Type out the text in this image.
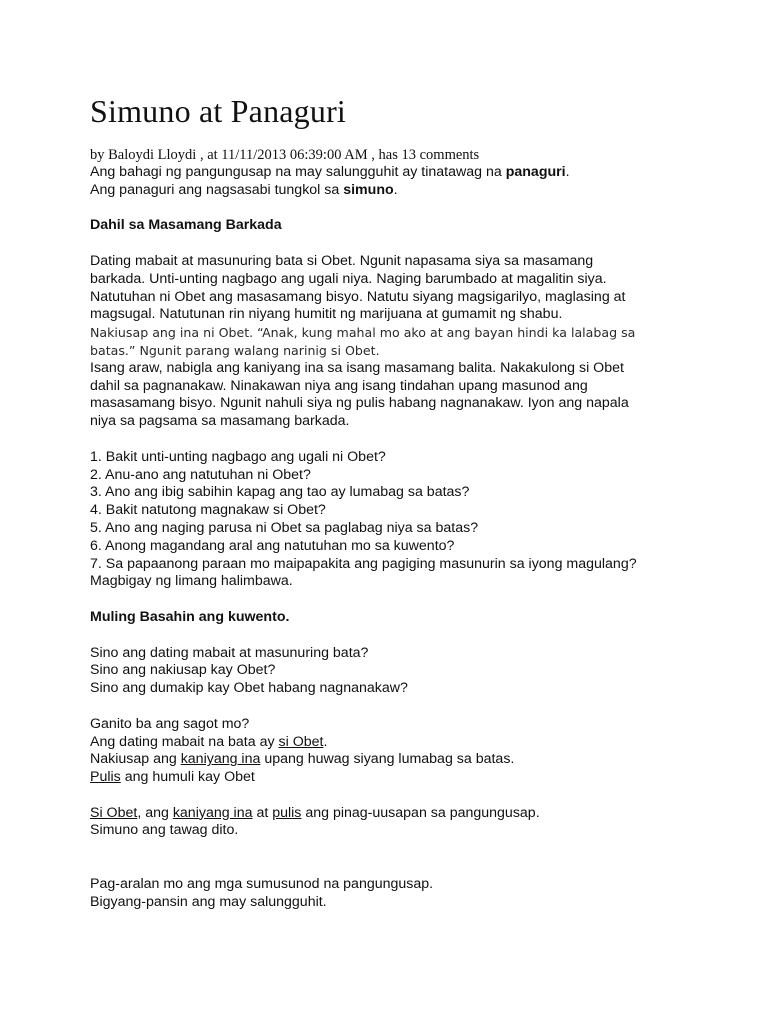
Simuno at Panaguri

by Baloydi Lloydi , at 11/11/2013 06:39:00 AM , has 13 comments

Ang bahagi ng pangungusap na may salungguhit ay tinatawag na panaguri.

Ang panaguri ang nagsasabi tungkol sa simuno.

Dahil sa Masamang Barkada

Dating mabait at masunuring bata si Obet. Ngunit napasama siya sa masamang

barkada. Unti-unting nagbago ang ugali niya. Naging barumbado at magalitin siya.

Natutuhan ni Obet ang masasamang bisyo. Natutu siyang magsigarilyo, maglasing at

magsugal. Natutunan rin niyang humitit ng marijuana at gumamit ng shabu.

Nakiusap ang ina ni Obet. “Anak, kung mahal mo ako at ang bayan hindi ka lalabag sa

batas.” Ngunit parang walang narinig si Obet.

Isang araw, nabigla ang kaniyang ina sa isang masamang balita. Nakakulong si Obet

dahil sa pagnanakaw. Ninakawan niya ang isang tindahan upang masunod ang

masasamang bisyo. Ngunit nahuli siya ng pulis habang nagnanakaw. Iyon ang napala

niya sa pagsama sa masamang barkada.

1. Bakit unti-unting nagbago ang ugali ni Obet?

2. Anu-ano ang natutuhan ni Obet?

3. Ano ang ibig sabihin kapag ang tao ay lumabag sa batas?

4. Bakit natutong magnakaw si Obet?

5. Ano ang naging parusa ni Obet sa paglabag niya sa batas?

6. Anong magandang aral ang natutuhan mo sa kuwento?

7. Sa papaanong paraan mo maipapakita ang pagiging masunurin sa iyong magulang?

Magbigay ng limang halimbawa.

Muling Basahin ang kuwento.

Sino ang dating mabait at masunuring bata?

Sino ang nakiusap kay Obet?

Sino ang dumakip kay Obet habang nagnanakaw?

Ganito ba ang sagot mo?

Ang dating mabait na bata ay si Obet.

Nakiusap ang kaniyang ina upang huwag siyang lumabag sa batas.

Pulis ang humuli kay Obet

Si Obet, ang kaniyang ina at pulis ang pinag-uusapan sa pangungusap.

Simuno ang tawag dito.

Pag-aralan mo ang mga sumusunod na pangungusap.

Bigyang-pansin ang may salungguhit.
